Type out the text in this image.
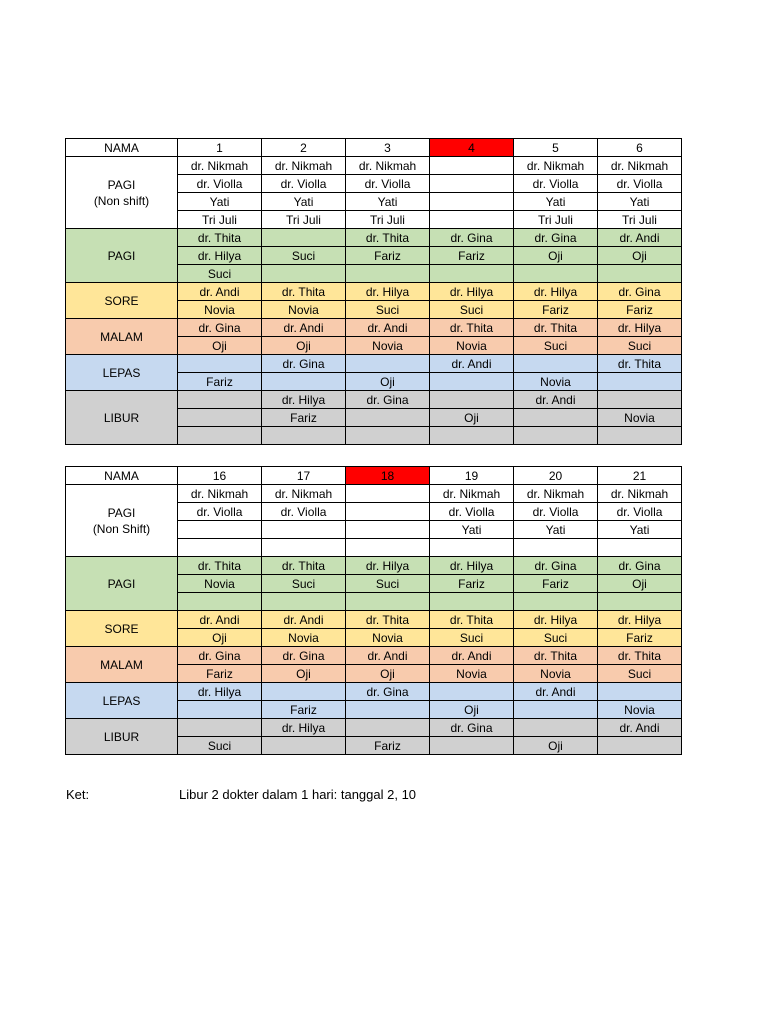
NAMA	1	2	3	4	5	6
PAGI
(Non shift)	dr. Nikmah	dr. Nikmah	dr. Nikmah		dr. Nikmah	dr. Nikmah
	dr. Violla	dr. Violla	dr. Violla		dr. Violla	dr. Violla
	Yati	Yati	Yati		Yati	Yati
	Tri Juli	Tri Juli	Tri Juli		Tri Juli	Tri Juli
PAGI	dr. Thita		dr. Thita	dr. Gina	dr. Gina	dr. Andi
	dr. Hilya	Suci	Fariz	Fariz	Oji	Oji
	Suci					
SORE	dr. Andi	dr. Thita	dr. Hilya	dr. Hilya	dr. Hilya	dr. Gina
	Novia	Novia	Suci	Suci	Fariz	Fariz
MALAM	dr. Gina	dr. Andi	dr. Andi	dr. Thita	dr. Thita	dr. Hilya
	Oji	Oji	Novia	Novia	Suci	Suci
LEPAS		dr. Gina		dr. Andi		dr. Thita
	Fariz		Oji		Novia	
LIBUR		dr. Hilya	dr. Gina		dr. Andi	
		Fariz		Oji		Novia

NAMA	16	17	18	19	20	21
PAGI
(Non Shift)	dr. Nikmah	dr. Nikmah		dr. Nikmah	dr. Nikmah	dr. Nikmah
	dr. Violla	dr. Violla		dr. Violla	dr. Violla	dr. Violla
				Yati	Yati	Yati

PAGI	dr. Thita	dr. Thita	dr. Hilya	dr. Hilya	dr. Gina	dr. Gina
	Novia	Suci	Suci	Fariz	Fariz	Oji

SORE	dr. Andi	dr. Andi	dr. Thita	dr. Thita	dr. Hilya	dr. Hilya
	Oji	Novia	Novia	Suci	Suci	Fariz
MALAM	dr. Gina	dr. Gina	dr. Andi	dr. Andi	dr. Thita	dr. Thita
	Fariz	Oji	Oji	Novia	Novia	Suci
LEPAS	dr. Hilya		dr. Gina		dr. Andi	
		Fariz		Oji		Novia
LIBUR		dr. Hilya		dr. Gina		dr. Andi
	Suci		Fariz		Oji	
Ket:	Libur 2 dokter dalam 1 hari: tanggal 2, 10
